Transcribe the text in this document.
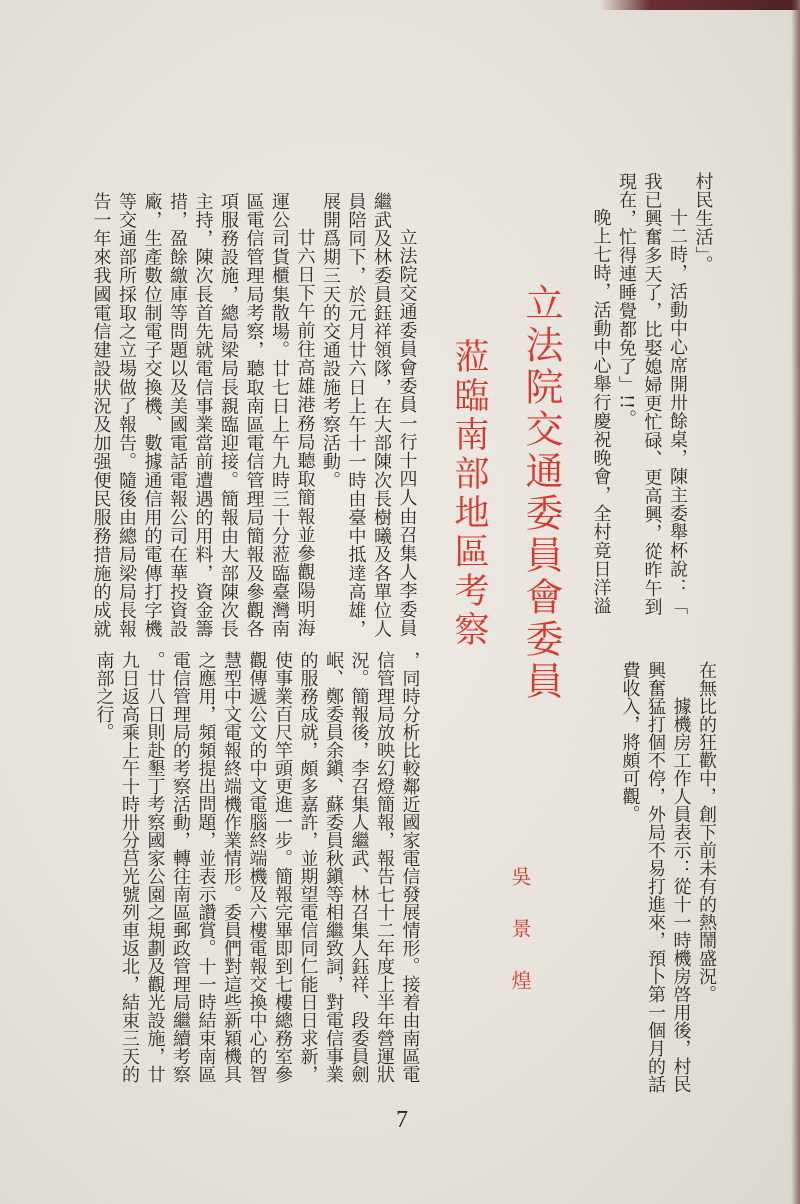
村民生活」。
十二時，活動中心席開卅餘桌，陳主委舉杯說：「
我已興奮多天了，比娶媳婦更忙碌、更高興，從昨午到
現在，忙得連睡覺都免了」!!。
晚上七時，活動中心舉行慶祝晚會，全村竟日洋溢
立法院交通委員會委員
蒞臨南部地區考察
立法院交通委員會委員一行十四人由召集人李委員
繼武及林委員鈺祥領隊，在大部陳次長樹曦及各單位人
員陪同下，於元月廿六日上午十一時由臺中抵達高雄，
展開爲期三天的交通設施考察活動。
廿六日下午前往高雄港務局聽取簡報並參觀陽明海
運公司貨櫃集散場。廿七日上午九時三十分蒞臨臺灣南
區電信管理局考察，聽取南區電信管理局簡報及參觀各
項服務設施，總局梁局長親臨迎接。簡報由大部陳次長
主持，陳次長首先就電信事業當前遭遇的用料，資金籌
措，盈餘繳庫等問題以及美國電話電報公司在華投資設
廠，生產數位制電子交換機、數據通信用的電傳打字機
等交通部所採取之立場做了報告。隨後由總局梁局長報
告一年來我國電信建設狀況及加强便民服務措施的成就
在無比的狂歡中，創下前未有的熱鬧盛況。
據機房工作人員表示：從十一時機房啓用後，村民
興奮猛打個不停，外局不易打進來，預卜第一個月的話
費收入，將頗可觀。
吳景煌
，同時分析比較鄰近國家電信發展情形。接着由南區電
信管理局放映幻燈簡報，報告七十二年度上半年營運狀
況。簡報後，李召集人繼武、林召集人鈺祥、段委員劍
岷、鄭委員余鎭、蘇委員秋鎭等相繼致詞，對電信事業
的服務成就，頗多嘉許，並期望電信同仁能日日求新，
使事業百尺竿頭更進一步。簡報完畢即到七樓總務室參
觀傳遞公文的中文電腦終端機及六樓電報交換中心的智
慧型中文電報終端機作業情形。委員們對這些新穎機具
之應用，頻頻提出問題，並表示讚賞。十一時結束南區
電信管理局的考察活動，轉往南區郵政管理局繼續考察
。廿八日則赴墾丁考察國家公園之規劃及觀光設施，廿
九日返高乘上午十時卅分莒光號列車返北，結束三天的
南部之行。
7
